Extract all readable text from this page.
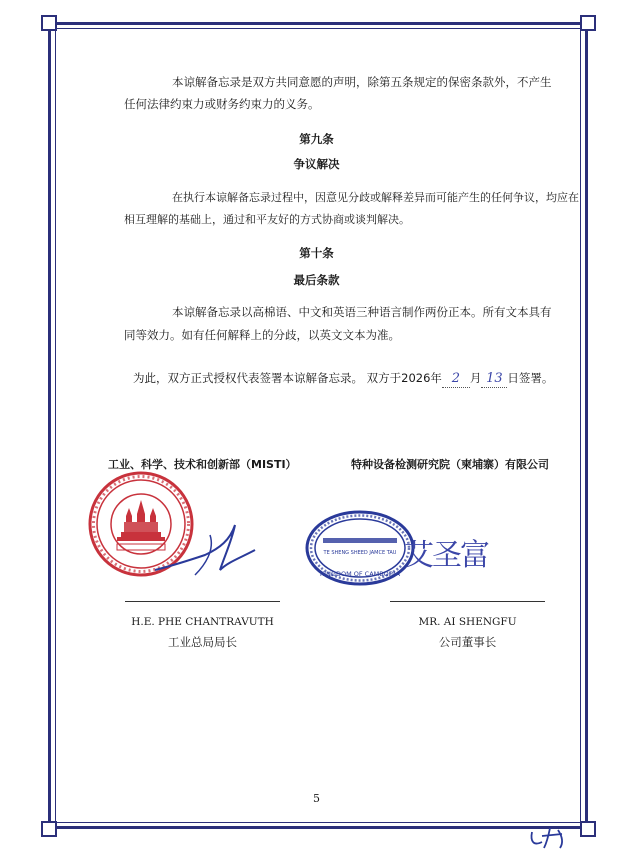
本谅解备忘录是双方共同意愿的声明，除第五条规定的保密条款外，不产生
任何法律约束力或财务约束力的义务。
第九条
争议解决
在执行本谅解备忘录过程中，因意见分歧或解释差异而可能产生的任何争议，均应在
相互理解的基础上，通过和平友好的方式协商或谈判解决。
第十条
最后条款
本谅解备忘录以高棉语、中文和英语三种语言制作两份正本。所有文本具有
同等效力。如有任何解释上的分歧，以英文文本为准。
为此，双方正式授权代表签署本谅解备忘录。 双方于2026年 2 月 13 日签署。
工业、科学、技术和创新部（MISTI）	特种设备检测研究院（柬埔寨）有限公司
TE SHENG SHEED JAMCE TAU
KINGDOM OF CAMBODIA
艾圣富
H.E. PHE CHANTRAVUTH
工业总局局长
MR. AI SHENGFU
公司董事长
5
